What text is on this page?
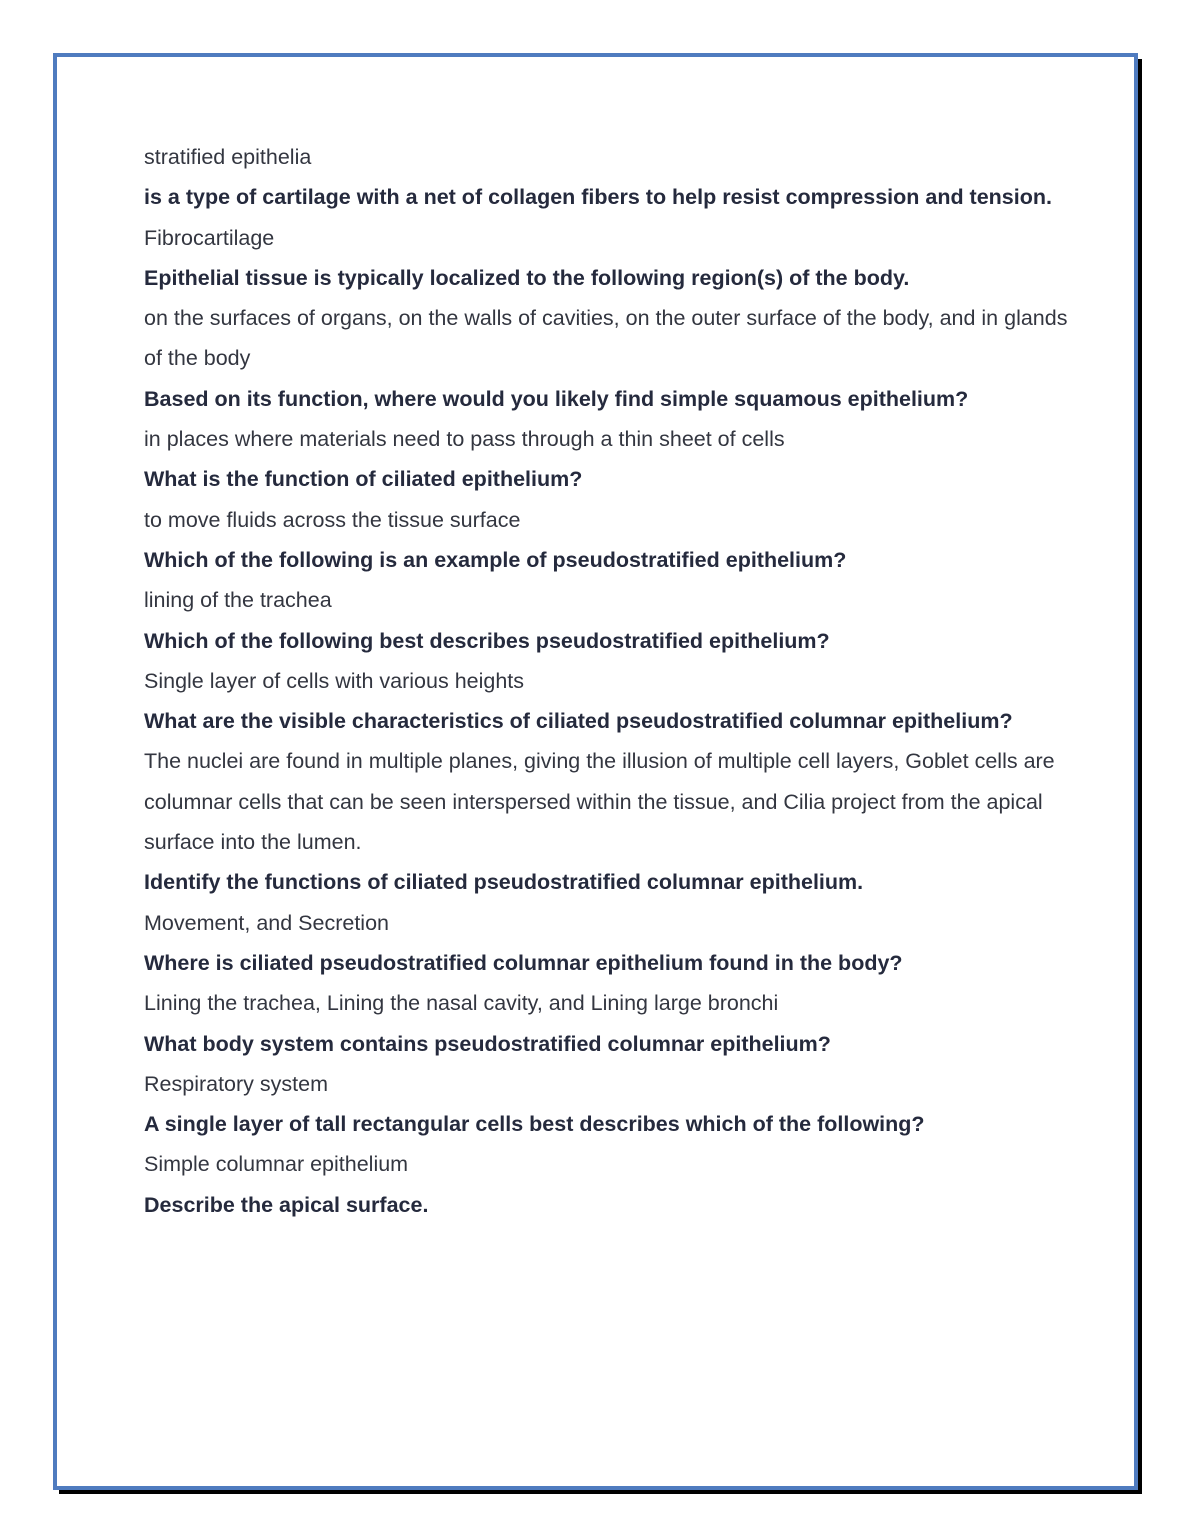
stratified epithelia

is a type of cartilage with a net of collagen fibers to help resist compression and tension.

Fibrocartilage

Epithelial tissue is typically localized to the following region(s) of the body.

on the surfaces of organs, on the walls of cavities, on the outer surface of the body, and in glands of the body

Based on its function, where would you likely find simple squamous epithelium?

in places where materials need to pass through a thin sheet of cells

What is the function of ciliated epithelium?

to move fluids across the tissue surface

Which of the following is an example of pseudostratified epithelium?

lining of the trachea

Which of the following best describes pseudostratified epithelium?

Single layer of cells with various heights

What are the visible characteristics of ciliated pseudostratified columnar epithelium?

The nuclei are found in multiple planes, giving the illusion of multiple cell layers, Goblet cells are columnar cells that can be seen interspersed within the tissue, and Cilia project from the apical surface into the lumen.

Identify the functions of ciliated pseudostratified columnar epithelium.

Movement, and Secretion

Where is ciliated pseudostratified columnar epithelium found in the body?

Lining the trachea, Lining the nasal cavity, and Lining large bronchi

What body system contains pseudostratified columnar epithelium?

Respiratory system

A single layer of tall rectangular cells best describes which of the following?

Simple columnar epithelium

Describe the apical surface.
